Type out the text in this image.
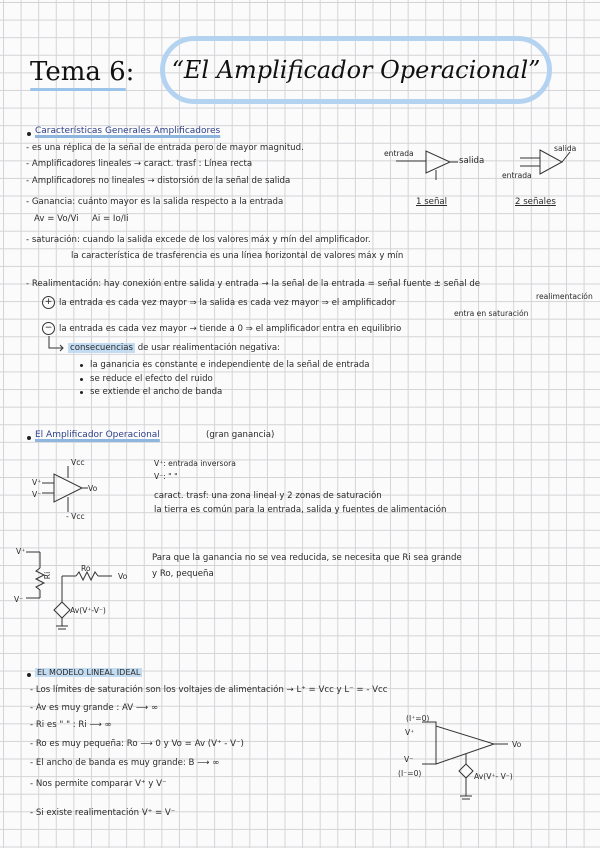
Tema 6: “El Amplificador Operacional”
Características Generales Amplificadores
- es una réplica de la señal de entrada pero de mayor magnitud.
- Amplificadores lineales → caract. trasf : Línea recta
- Amplificadores no lineales → distorsión de la señal de salida
- Ganancia: cuánto mayor es la salida respecto a la entrada
Av = Vo/Vi Ai = Io/Ii
- saturación: cuando la salida excede de los valores máx y mín del amplificador.
la característica de trasferencia es una línea horizontal de valores máx y mín
entrada
salida
1 señal
salida
entrada
2 señales
- Realimentación: hay conexión entre salida y entrada → la señal de la entrada = señal fuente ± señal de
realimentación
+ la entrada es cada vez mayor ⇒ la salida es cada vez mayor ⇒ el amplificador
entra en saturación
− la entrada es cada vez mayor → tiende a 0 ⇒ el amplificador entra en equilibrio
consecuencias de usar realimentación negativa:
la ganancia es constante e independiente de la señal de entrada
se reduce el efecto del ruido
se extiende el ancho de banda
El Amplificador Operacional	(gran ganancia)
Vcc
V⁺
V⁻
Vo
- Vcc
V⁺: entrada inversora
V⁻: " "
caract. trasf: una zona lineal y 2 zonas de saturación
la tierra es común para la entrada, salida y fuentes de alimentación
V⁺
V⁻
Ri
Ro
Vo
Av(V⁺-V⁻)
Para que la ganancia no se vea reducida, se necesita que Ri sea grande
y Ro, pequeña
EL MODELO LINEAL IDEAL
- Los límites de saturación son los voltajes de alimentación → L⁺ = Vcc y L⁻ = - Vcc
- Av es muy grande : AV ⟶ ∞
- Ri es " " : Ri ⟶ ∞
- Ro es muy pequeña: Ro ⟶ 0 y Vo = Av (V⁺ - V⁻)
- El ancho de banda es muy grande: B ⟶ ∞
- Nos permite comparar V⁺ y V⁻
- Si existe realimentación V⁺ = V⁻
(I⁺=0)
V⁺
V⁻
(I⁻=0)
Vo
Av(V⁺- V⁻)
